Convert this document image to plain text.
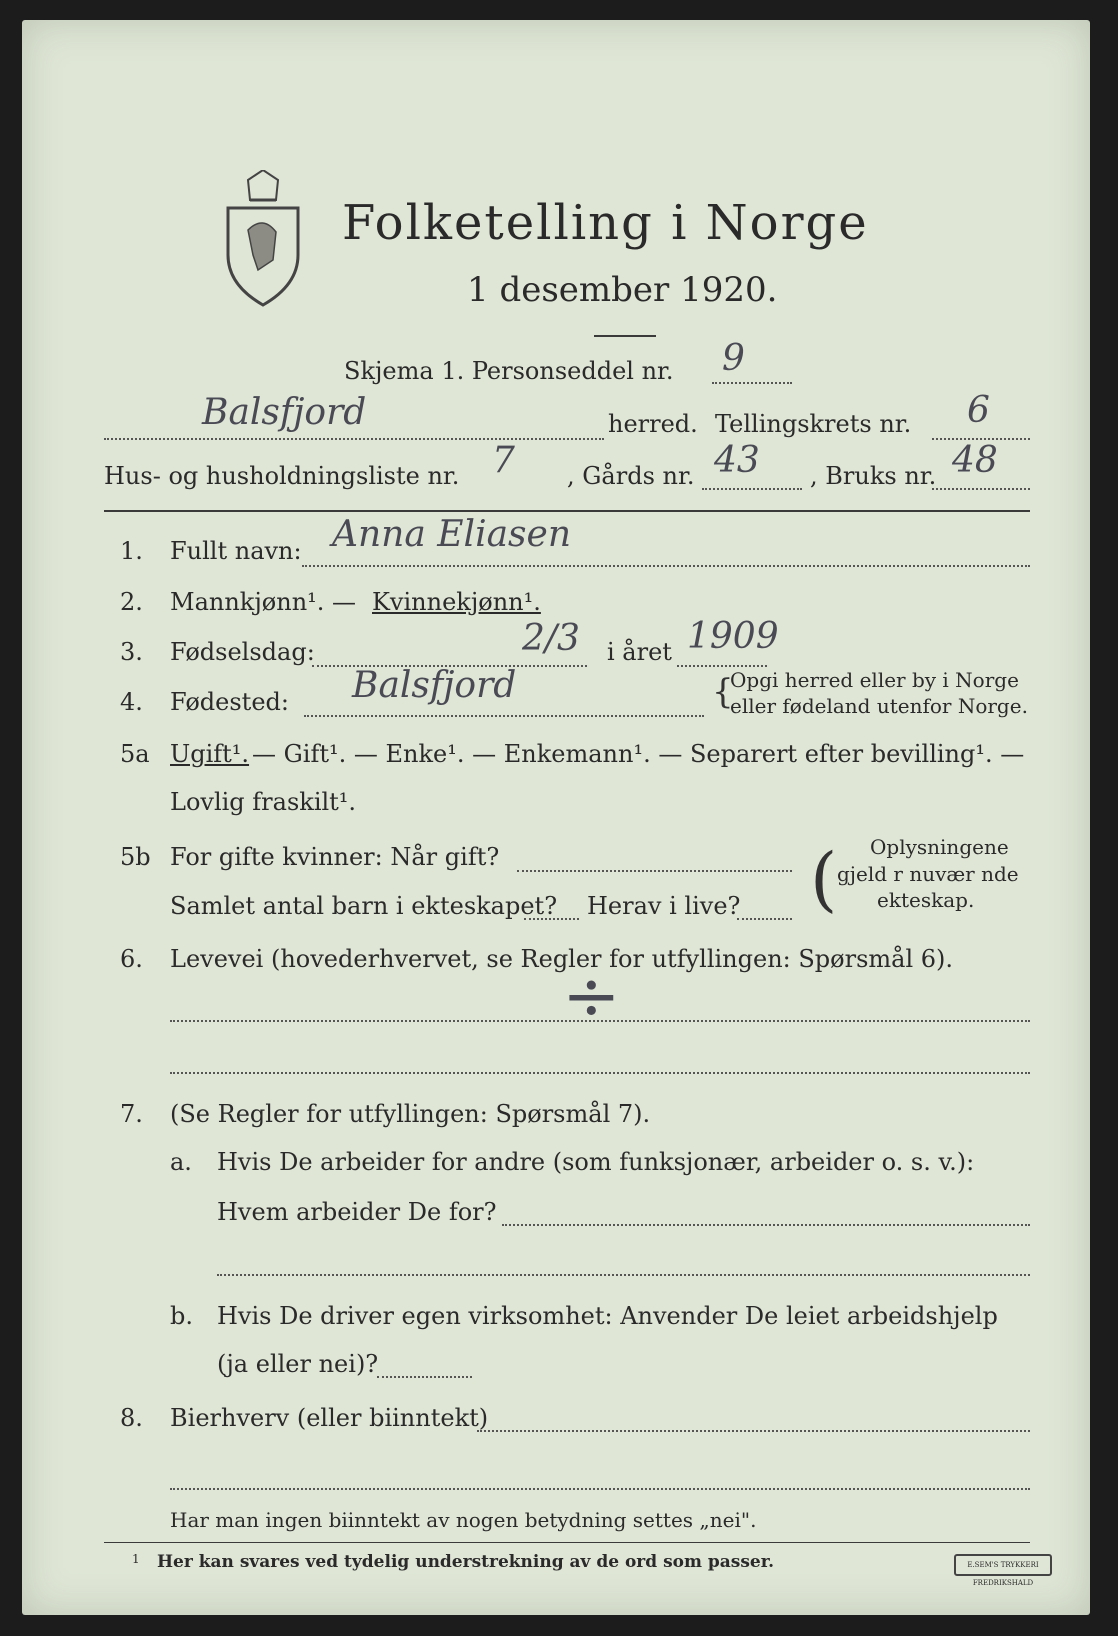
Folketelling i Norge
1 desember 1920.
Skjema 1. Personseddel nr. 9
Balsfjord	herred. Tellingskrets nr. 6
Hus- og husholdningsliste nr. 7 , Gårds nr. 43 , Bruks nr. 48
1. Fullt navn: Anna Eliasen
2. Mannkjønn¹. — Kvinnekjønn¹.
3. Fødselsdag:	2/3 i året 1909
4. Fødested: Balsfjord	{
Opgi herred eller by i Norge
eller fødeland utenfor Norge.
5a Ugift¹. — Gift¹. — Enke¹. — Enkemann¹. — Separert efter bevilling¹. —
Lovlig fraskilt¹.
5b For gifte kvinner: Når gift?
Samlet antal barn i ekteskapet? Herav i live? ( Oplysningene
gjeld r nuvær nde
ekteskap.
6. Levevei (hovederhvervet, se Regler for utfyllingen: Spørsmål 6).
÷
7. (Se Regler for utfyllingen: Spørsmål 7).
a. Hvis De arbeider for andre (som funksjonær, arbeider o. s. v.):
Hvem arbeider De for?
b. Hvis De driver egen virksomhet: Anvender De leiet arbeidshjelp
(ja eller nei)?
8. Bierhverv (eller biinntekt)
Har man ingen biinntekt av nogen betydning settes „nei".
1 Her kan svares ved tydelig understrekning av de ord som passer.	E.SEM'S TRYKKERI FREDRIKSHALD
